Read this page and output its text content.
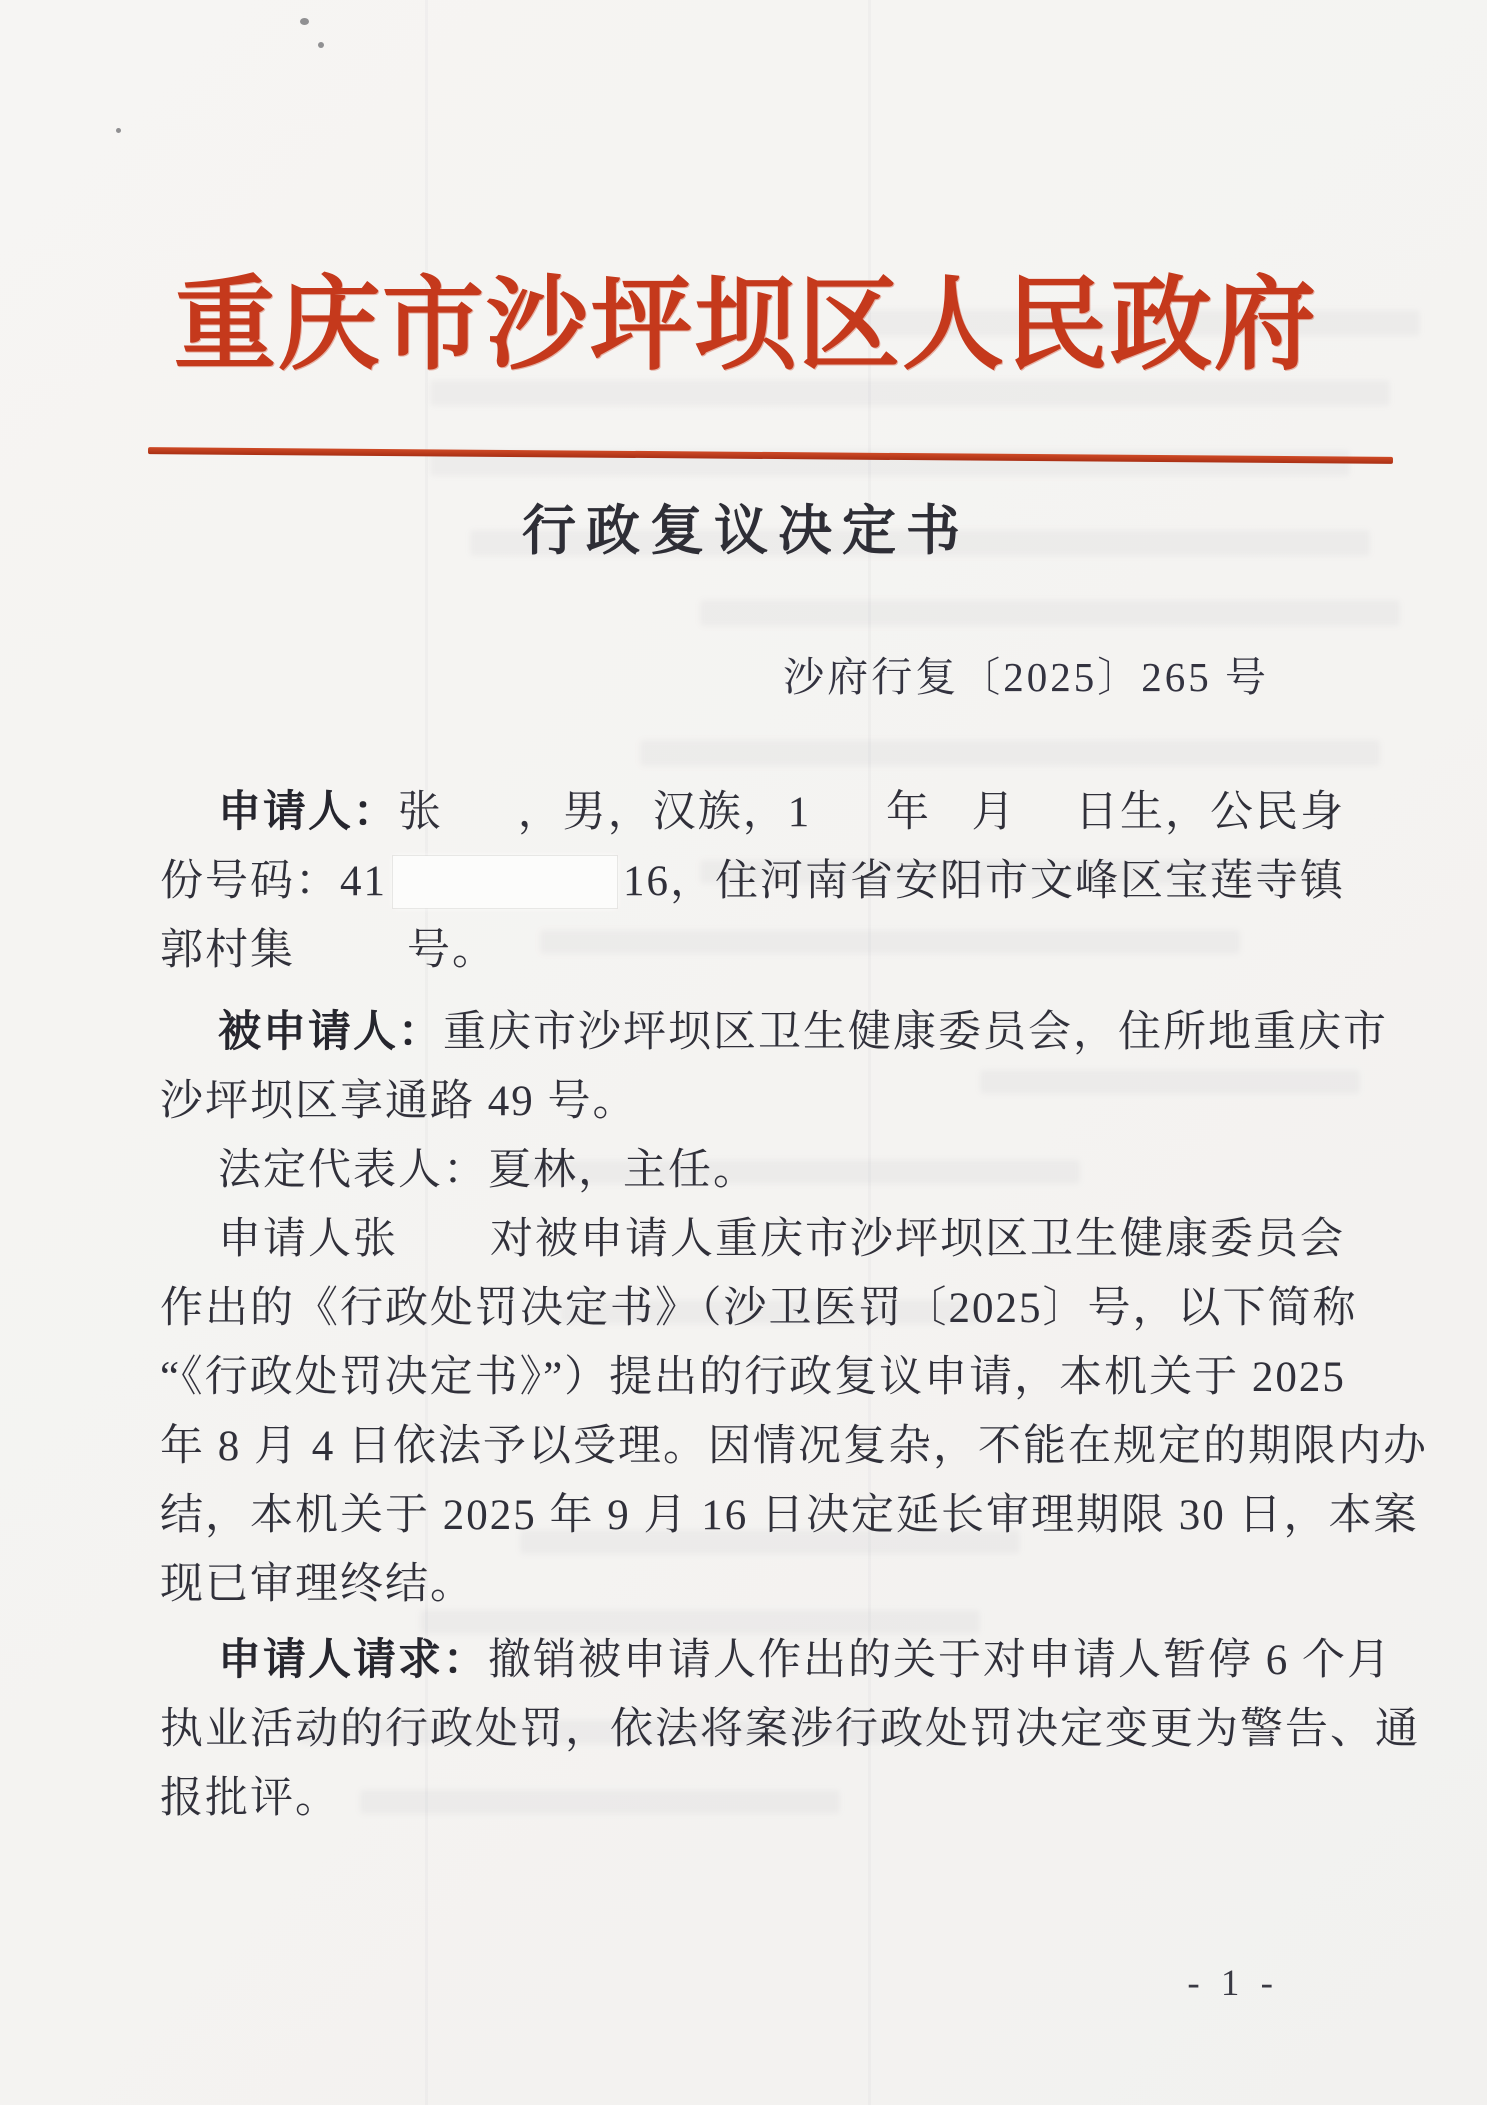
重庆市沙坪坝区人民政府
行政复议决定书
沙府行复〔2025〕265 号
申请人： 张 ，男，汉族，1 年 月 日生，公民身
份号码：41	16，住河南省安阳市文峰区宝莲寺镇
郭村集	号。
被申请人： 重庆市沙坪坝区卫生健康委员会，住所地重庆市
沙坪坝区享通路 49 号。
法定代表人：夏林，主任。
申请人张 对被申请人重庆市沙坪坝区卫生健康委员会
作出的《行政处罚决定书》（沙卫医罚〔2025〕 号，以下简称
“《行政处罚决定书》”）提出的行政复议申请，本机关于 2025
年 8 月 4 日依法予以受理。因情况复杂，不能在规定的期限内办
结，本机关于 2025 年 9 月 16 日决定延长审理期限 30 日，本案
现已审理终结。
申请人请求： 撤销被申请人作出的关于对申请人暂停 6 个月
执业活动的行政处罚，依法将案涉行政处罚决定变更为警告、通
报批评。
- 1 -
